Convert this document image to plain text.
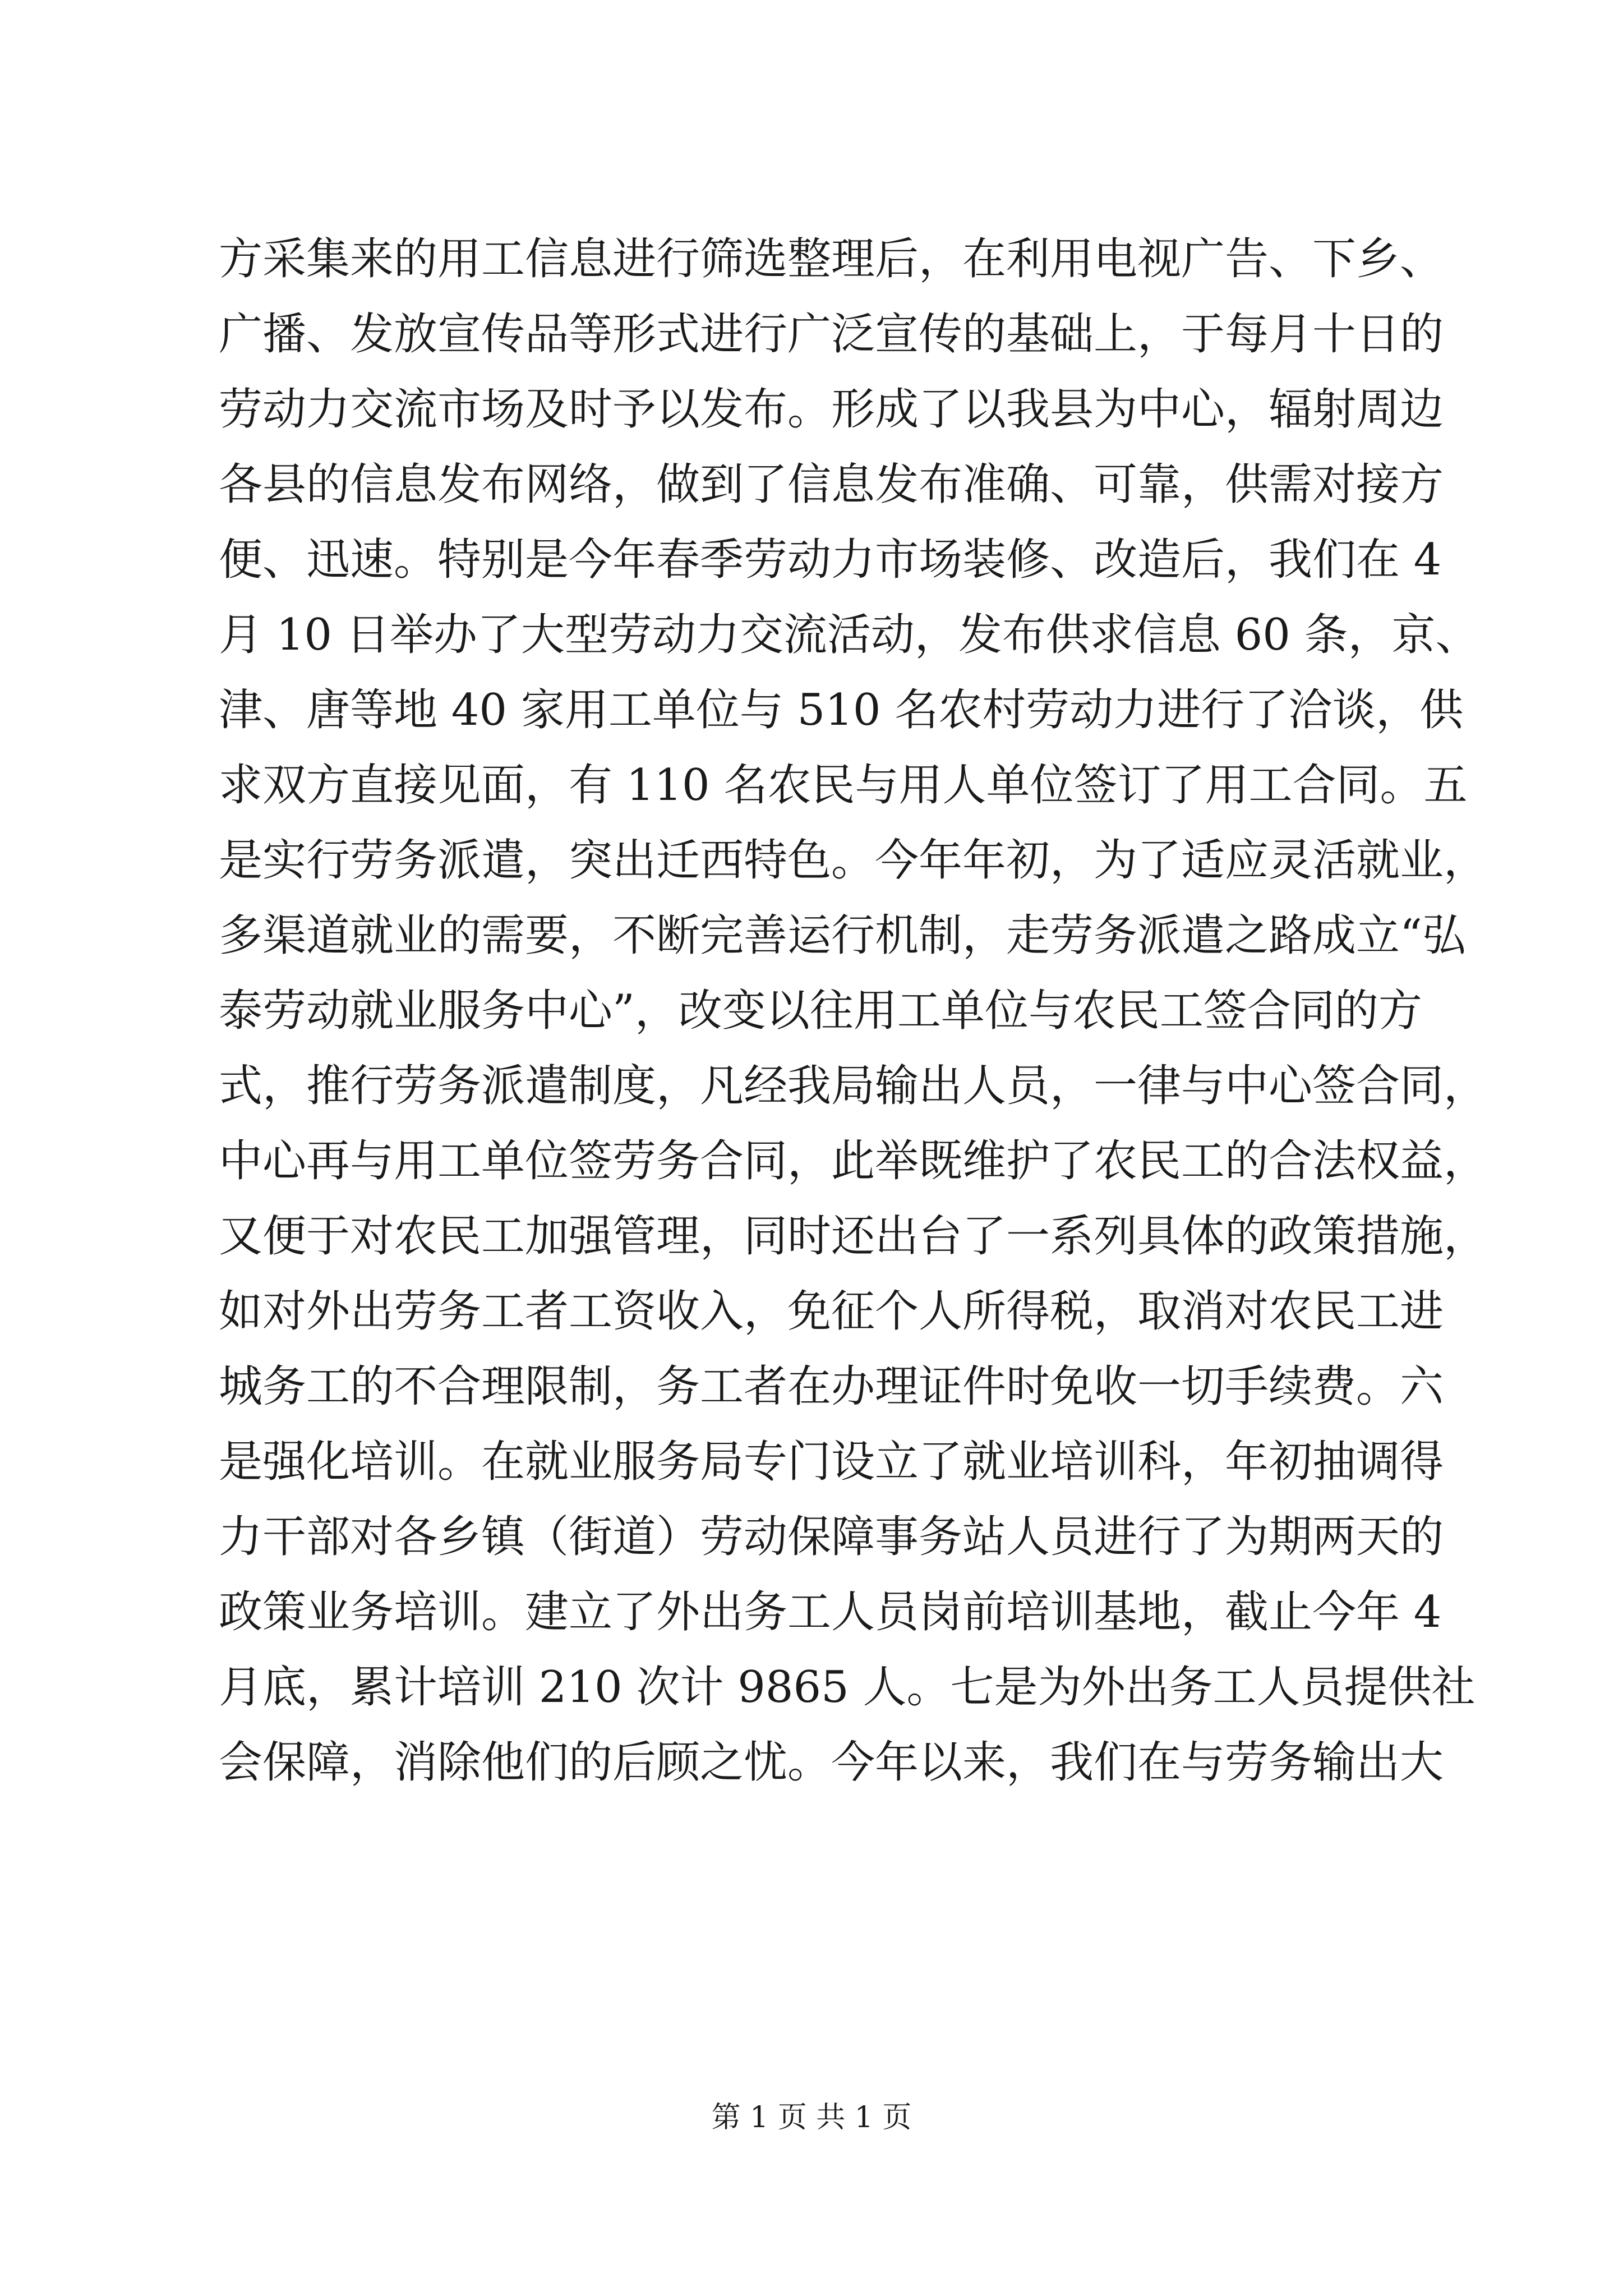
方采集来的用工信息进行筛选整理后，在利用电视广告、下乡、
广播、发放宣传品等形式进行广泛宣传的基础上，于每月十日的
劳动力交流市场及时予以发布。形成了以我县为中心，辐射周边
各县的信息发布网络，做到了信息发布准确、可靠，供需对接方
便、迅速。特别是今年春季劳动力市场装修、改造后，我们在 4
月 10 日举办了大型劳动力交流活动，发布供求信息 60 条，京、
津、唐等地 40 家用工单位与 510 名农村劳动力进行了洽谈，供
求双方直接见面，有 110 名农民与用人单位签订了用工合同。五
是实行劳务派遣，突出迁西特色。今年年初，为了适应灵活就业，
多渠道就业的需要，不断完善运行机制，走劳务派遣之路成立“弘
泰劳动就业服务中心”，改变以往用工单位与农民工签合同的方
式，推行劳务派遣制度，凡经我局输出人员，一律与中心签合同，
中心再与用工单位签劳务合同，此举既维护了农民工的合法权益，
又便于对农民工加强管理，同时还出台了一系列具体的政策措施，
如对外出劳务工者工资收入，免征个人所得税，取消对农民工进
城务工的不合理限制，务工者在办理证件时免收一切手续费。六
是强化培训。在就业服务局专门设立了就业培训科，年初抽调得
力干部对各乡镇（街道）劳动保障事务站人员进行了为期两天的
政策业务培训。建立了外出务工人员岗前培训基地，截止今年 4
月底，累计培训 210 次计 9865 人。七是为外出务工人员提供社
会保障，消除他们的后顾之忧。今年以来，我们在与劳务输出大
第 1 页 共 1 页
